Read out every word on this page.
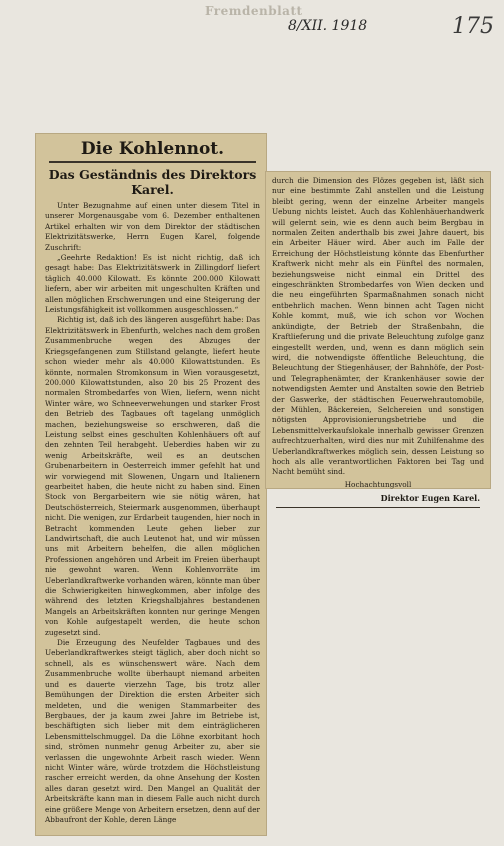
Fremdenblatt
8/XII. 1918	175
Die Kohlennot.
Das Geständnis des Direktors Karel.

Unter Bezugnahme auf einen unter diesem Titel in unserer Morgenausgabe vom 6. Dezember enthaltenen Artikel erhalten wir von dem Direktor der städtischen Elektrizitätswerke, Herrn Eugen Karel, folgende Zuschrift:

„Geehrte Redaktion! Es ist nicht richtig, daß ich gesagt habe: Das Elektrizitätswerk in Zillingdorf liefert täglich 40.000 Kilowatt. Es könnte 200.000 Kilowatt liefern, aber wir arbeiten mit ungeschulten Kräften und allen möglichen Erschwerungen und eine Steigerung der Leistungsfähigkeit ist vollkommen ausgeschlossen.“

Richtig ist, daß ich des längeren ausgeführt habe: Das Elektrizitätswerk in Ebenfurth, welches nach dem großen Zusammenbruche wegen des Abzuges der Kriegsgefangenen zum Stillstand gelangte, liefert heute schon wieder mehr als 40.000 Kilowattstunden. Es könnte, normalen Stromkonsum in Wien vorausgesetzt, 200.000 Kilowattstunden, also 20 bis 25 Prozent des normalen Strombedarfes von Wien, liefern, wenn nicht Winter wäre, wo Schneeverwehungen und starker Frost den Betrieb des Tagbaues oft tagelang unmöglich machen, beziehungsweise so erschweren, daß die Leistung selbst eines geschulten Kohlenhäuers oft auf den zehnten Teil herabgeht. Ueberdies haben wir zu wenig Arbeitskräfte, weil es an deutschen Grubenarbeitern in Oesterreich immer gefehlt hat und wir vorwiegend mit Slowenen, Ungarn und Italienern gearbeitet haben, die heute nicht zu haben sind. Einen Stock von Bergarbeitern wie sie nötig wären, hat Deutschösterreich, Steiermark ausgenommen, überhaupt nicht. Die wenigen, zur Erdarbeit taugenden, hier noch in Betracht kommenden Leute gehen lieber zur Landwirtschaft, die auch Leutenot hat, und wir müssen uns mit Arbeitern behelfen, die allen möglichen Professionen angehören und Arbeit im Freien überhaupt nie gewohnt waren. Wenn Kohlenvorräte im Ueberlandkraftwerke vorhanden wären, könnte man über die Schwierigkeiten hinwegkommen, aber infolge des während des letzten Kriegshalbjahres bestandenen Mangels an Arbeitskräften konnten nur geringe Mengen von Kohle aufgestapelt werden, die heute schon zugesetzt sind.

Die Erzeugung des Neufelder Tagbaues und des Ueberlandkraftwerkes steigt täglich, aber doch nicht so schnell, als es wünschenswert wäre. Nach dem Zusammenbruche wollte überhaupt niemand arbeiten und es dauerte vierzehn Tage, bis trotz aller Bemühungen der Direktion die ersten Arbeiter sich meldeten, und die wenigen Stammarbeiter des Bergbaues, der ja kaum zwei Jahre im Betriebe ist, beschäftigten sich lieber mit dem einträglicheren Lebensmittelschmuggel. Da die Löhne exorbitant hoch sind, strömen nunmehr genug Arbeiter zu, aber sie verlassen die ungewohnte Arbeit rasch wieder. Wenn nicht Winter wäre, würde trotzdem die Höchstleistung rascher erreicht werden, da ohne Ansehung der Kosten alles daran gesetzt wird. Den Mangel an Qualität der Arbeitskräfte kann man in diesem Falle auch nicht durch eine größere Menge von Arbeitern ersetzen, denn auf der Abbaufront der Kohle, deren Länge

durch die Dimension des Flözes gegeben ist, läßt sich nur eine bestimmte Zahl anstellen und die Leistung bleibt gering, wenn der einzelne Arbeiter mangels Uebung nichts leistet. Auch das Kohlenhäuerhandwerk will gelernt sein, wie es denn auch beim Bergbau in normalen Zeiten anderthalb bis zwei Jahre dauert, bis ein Arbeiter Häuer wird. Aber auch im Falle der Erreichung der Höchstleistung könnte das Ebenfurther Kraftwerk nicht mehr als ein Fünftel des normalen, beziehungsweise nicht einmal ein Drittel des eingeschränkten Strombedarfes von Wien decken und die neu eingeführten Sparmaßnahmen sonach nicht entbehrlich machen. Wenn binnen acht Tagen nicht Kohle kommt, muß, wie ich schon vor Wochen ankündigte, der Betrieb der Straßenbahn, die Kraftlieferung und die private Beleuchtung zufolge ganz eingestellt werden, und, wenn es dann möglich sein wird, die notwendigste öffentliche Beleuchtung, die Beleuchtung der Stiegenhäuser, der Bahnhöfe, der Post- und Telegraphenämter, der Krankenhäuser sowie der notwendigsten Aemter und Anstalten sowie den Betrieb der Gaswerke, der städtischen Feuerwehrautomobile, der Mühlen, Bäckereien, Selchereien und sonstigen nötigsten Approvisionierungsbetriebe und die Lebensmittelverkaufslokale innerhalb gewisser Grenzen aufrechtzuerhalten, wird dies nur mit Zuhilfenahme des Ueberlandkraftwerkes möglich sein, dessen Leistung so hoch als alle verantwortlichen Faktoren bei Tag und Nacht bemüht sind.

Hochachtungsvoll
Direktor Eugen Karel.
